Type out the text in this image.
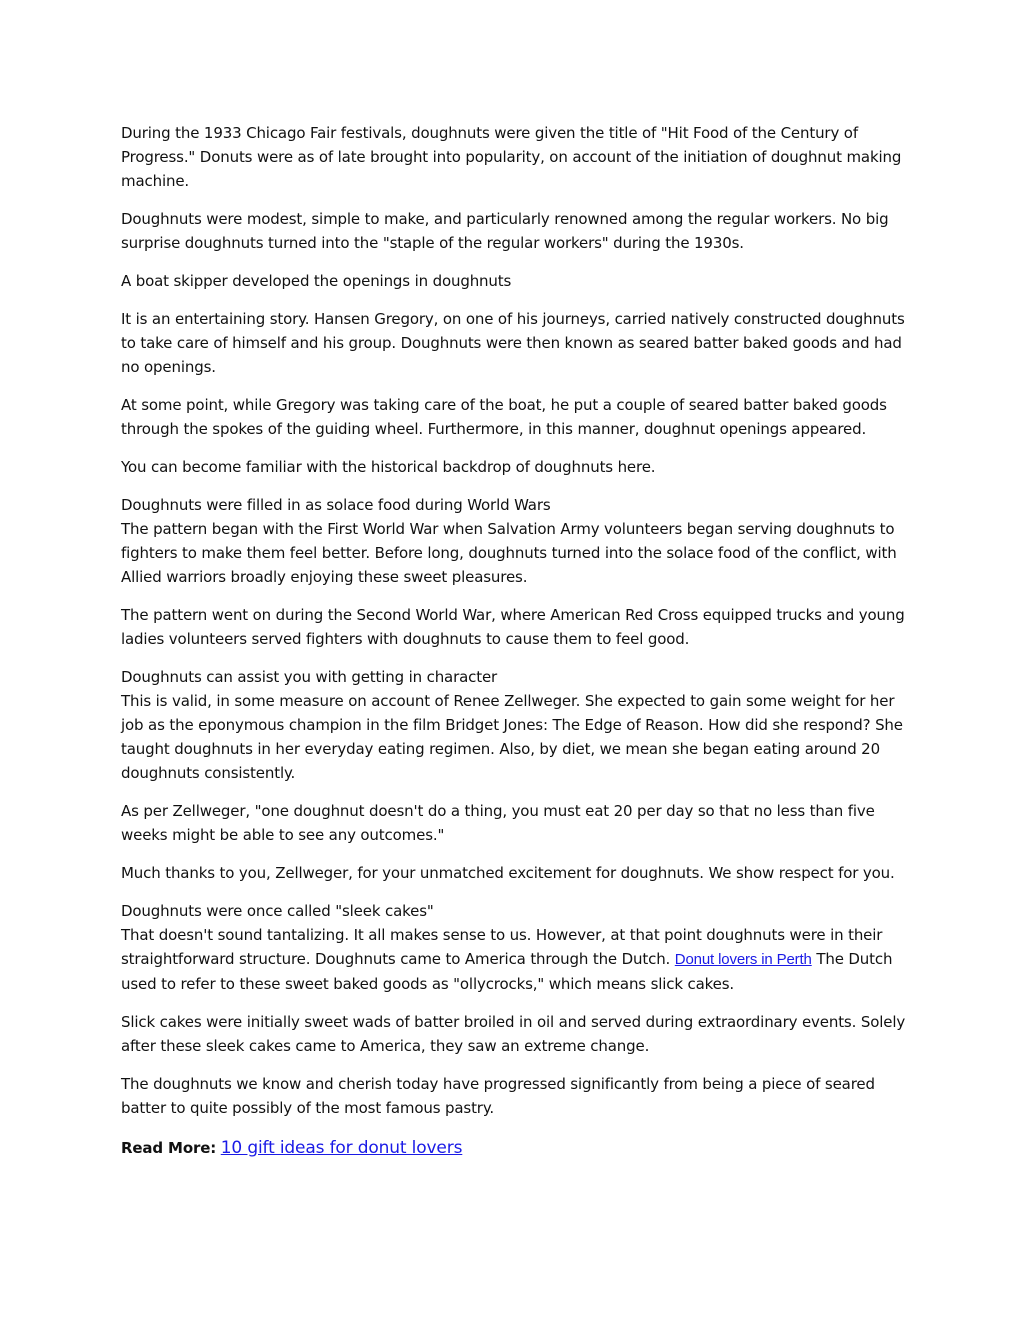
During the 1933 Chicago Fair festivals, doughnuts were given the title of "Hit Food of the Century of Progress." Donuts were as of late brought into popularity, on account of the initiation of doughnut making machine.

Doughnuts were modest, simple to make, and particularly renowned among the regular workers. No big surprise doughnuts turned into the "staple of the regular workers" during the 1930s.

A boat skipper developed the openings in doughnuts

It is an entertaining story. Hansen Gregory, on one of his journeys, carried natively constructed doughnuts to take care of himself and his group. Doughnuts were then known as seared batter baked goods and had no openings.

At some point, while Gregory was taking care of the boat, he put a couple of seared batter baked goods through the spokes of the guiding wheel. Furthermore, in this manner, doughnut openings appeared.

You can become familiar with the historical backdrop of doughnuts here.

Doughnuts were filled in as solace food during World Wars
The pattern began with the First World War when Salvation Army volunteers began serving doughnuts to fighters to make them feel better. Before long, doughnuts turned into the solace food of the conflict, with Allied warriors broadly enjoying these sweet pleasures.

The pattern went on during the Second World War, where American Red Cross equipped trucks and young ladies volunteers served fighters with doughnuts to cause them to feel good.

Doughnuts can assist you with getting in character
This is valid, in some measure on account of Renee Zellweger. She expected to gain some weight for her job as the eponymous champion in the film Bridget Jones: The Edge of Reason. How did she respond? She taught doughnuts in her everyday eating regimen. Also, by diet, we mean she began eating around 20 doughnuts consistently.

As per Zellweger, "one doughnut doesn't do a thing, you must eat 20 per day so that no less than five weeks might be able to see any outcomes."

Much thanks to you, Zellweger, for your unmatched excitement for doughnuts. We show respect for you.

Doughnuts were once called "sleek cakes"
That doesn't sound tantalizing. It all makes sense to us. However, at that point doughnuts were in their straightforward structure. Doughnuts came to America through the Dutch. Donut lovers in Perth The Dutch used to refer to these sweet baked goods as "ollycrocks," which means slick cakes.

Slick cakes were initially sweet wads of batter broiled in oil and served during extraordinary events. Solely after these sleek cakes came to America, they saw an extreme change.

The doughnuts we know and cherish today have progressed significantly from being a piece of seared batter to quite possibly of the most famous pastry.

Read More: 10 gift ideas for donut lovers
